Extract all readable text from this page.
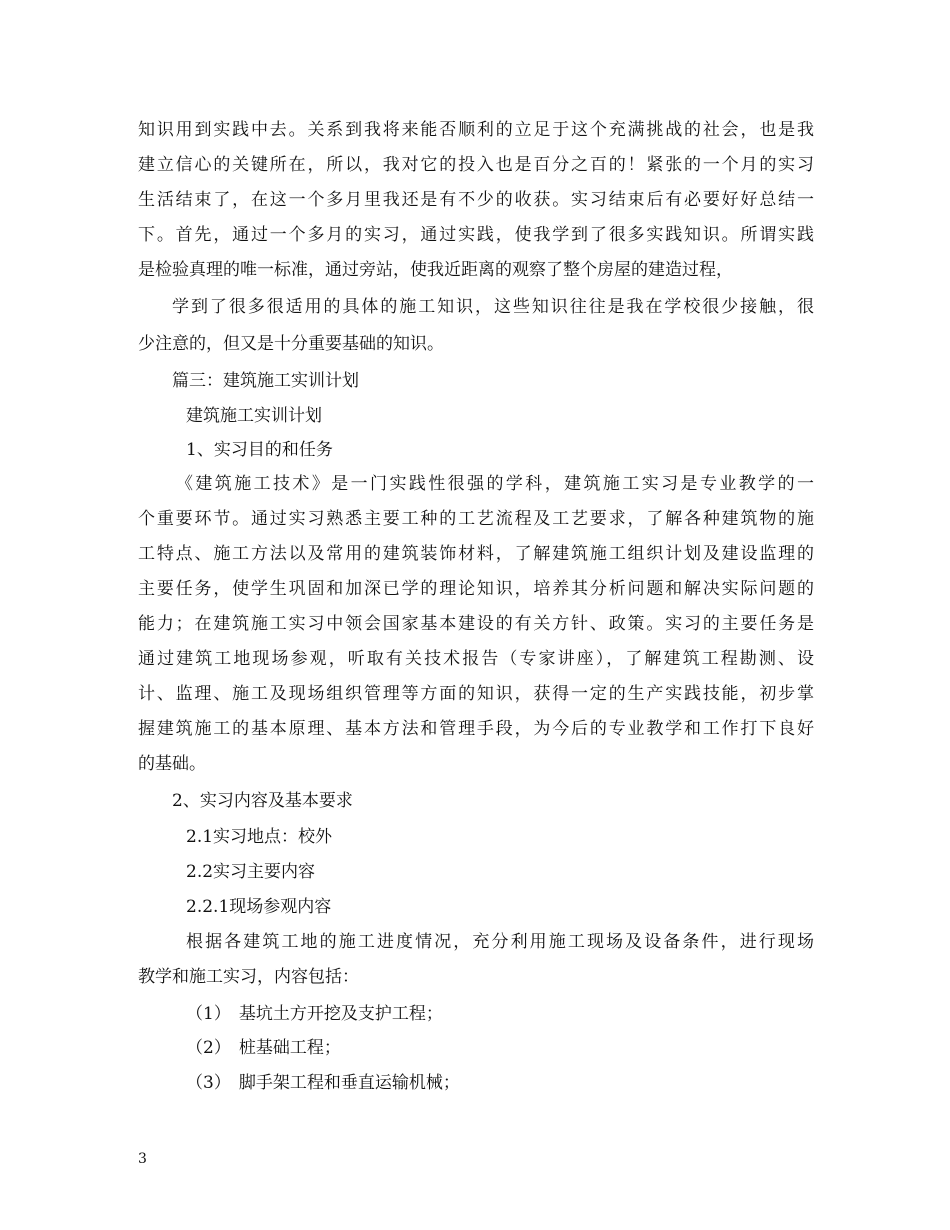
知识用到实践中去。关系到我将来能否顺利的立足于这个充满挑战的社会，也是我
建立信心的关键所在，所以，我对它的投入也是百分之百的！紧张的一个月的实习
生活结束了，在这一个多月里我还是有不少的收获。实习结束后有必要好好总结一
下。首先，通过一个多月的实习，通过实践，使我学到了很多实践知识。所谓实践
是检验真理的唯一标准，通过旁站，使我近距离的观察了整个房屋的建造过程，
学到了很多很适用的具体的施工知识，这些知识往往是我在学校很少接触，很
少注意的，但又是十分重要基础的知识。
篇三：建筑施工实训计划
建筑施工实训计划
1、实习目的和任务
《建筑施工技术》是一门实践性很强的学科，建筑施工实习是专业教学的一
个重要环节。通过实习熟悉主要工种的工艺流程及工艺要求，了解各种建筑物的施
工特点、施工方法以及常用的建筑装饰材料，了解建筑施工组织计划及建设监理的
主要任务，使学生巩固和加深已学的理论知识，培养其分析问题和解决实际问题的
能力；在建筑施工实习中领会国家基本建设的有关方针、政策。实习的主要任务是
通过建筑工地现场参观，听取有关技术报告（专家讲座），了解建筑工程勘测、设
计、监理、施工及现场组织管理等方面的知识，获得一定的生产实践技能，初步掌
握建筑施工的基本原理、基本方法和管理手段，为今后的专业教学和工作打下良好
的基础。
2、实习内容及基本要求
2.1实习地点：校外
2.2实习主要内容
2.2.1现场参观内容
根据各建筑工地的施工进度情况，充分利用施工现场及设备条件，进行现场
教学和施工实习，内容包括：
（1） 基坑土方开挖及支护工程；
（2） 桩基础工程；
（3） 脚手架工程和垂直运输机械；
3
